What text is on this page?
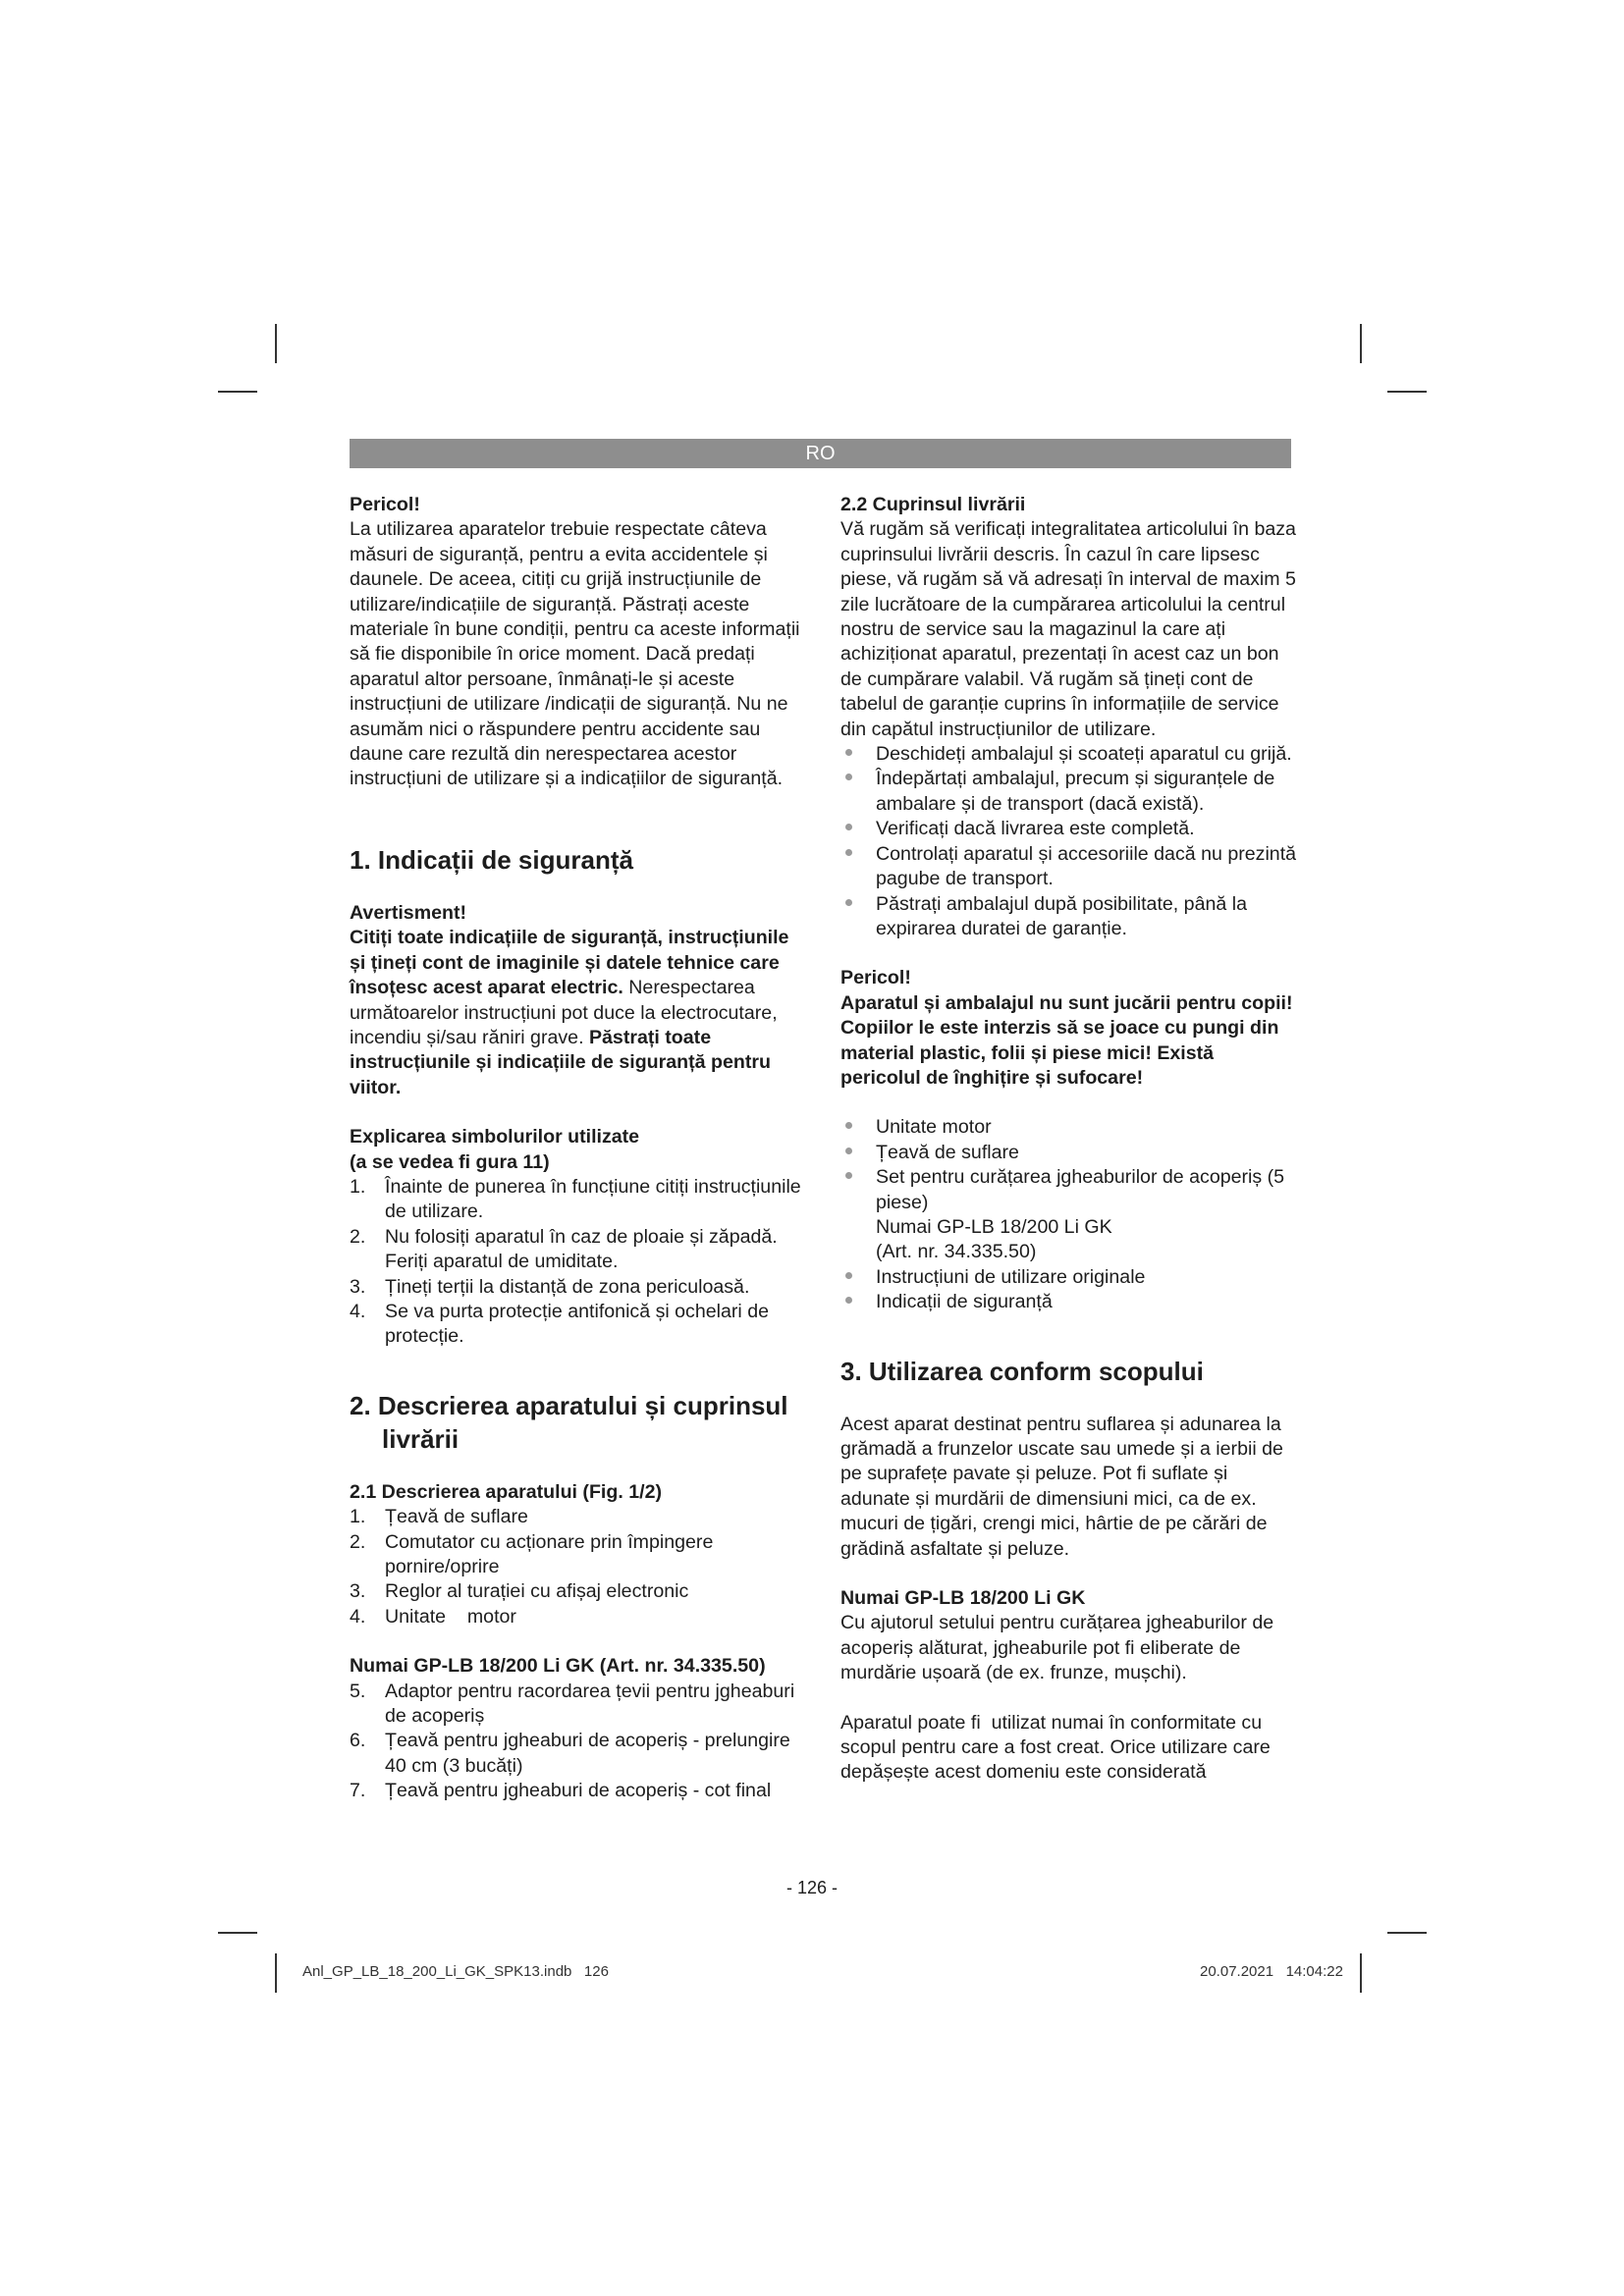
RO

Pericol!

La utilizarea aparatelor trebuie respectate câteva măsuri de siguranță, pentru a evita accidentele și daunele. De aceea, citiți cu grijă instrucțiunile de utilizare/indicațiile de siguranță. Păstrați aceste materiale în bune condiții, pentru ca aceste informații să fie disponibile în orice moment. Dacă predați aparatul altor persoane, înmânați-le și aceste instrucțiuni de utilizare /indicații de siguranță. Nu ne asumăm nici o răspundere pentru accidente sau daune care rezultă din nerespectarea acestor instrucțiuni de utilizare și a indicațiilor de siguranță.

1. Indicații de siguranță

Avertisment!

Citiți toate indicațiile de siguranță, instrucțiunile și țineți cont de imaginile și datele tehnice care însoțesc acest aparat electric. Nerespectarea următoarelor instrucțiuni pot duce la electrocutare, incendiu și/sau răniri grave. Păstrați toate instrucțiunile și indicațiile de siguranță pentru viitor.

Explicarea simbolurilor utilizate

(a se vedea fi gura 11)

1. Înainte de punerea în funcțiune citiți instrucțiunile de utilizare.
2. Nu folosiți aparatul în caz de ploaie și zăpadă. Feriți aparatul de umiditate.
3. Țineți terții la distanță de zona periculoasă.
4. Se va purta protecție antifonică și ochelari de protecție.
2. Descrierea aparatului și cuprinsul livrării

2.1 Descrierea aparatului (Fig. 1/2)

1. Țeavă de suflare
2. Comutator cu acționare prin împingere pornire/oprire
3. Reglor al turației cu afișaj electronic
4. Unitate    motor

Numai GP-LB 18/200 Li GK (Art. nr. 34.335.50)

5. Adaptor pentru racordarea țevii pentru jgheaburi de acoperiș
6. Țeavă pentru jgheaburi de acoperiș - prelungire 40 cm (3 bucăți)
7. Țeavă pentru jgheaburi de acoperiș - cot final

2.2 Cuprinsul livrării

Vă rugăm să verificați integralitatea articolului în baza cuprinsului livrării descris. În cazul în care lipsesc piese, vă rugăm să vă adresați în interval de maxim 5 zile lucrătoare de la cumpărarea articolului la centrul nostru de service sau la magazinul la care ați achiziționat aparatul, prezentați în acest caz un bon de cumpărare valabil. Vă rugăm să țineți cont de tabelul de garanție cuprins în informațiile de service din capătul instrucțiunilor de utilizare.

Deschideți ambalajul și scoateți aparatul cu grijă.
Îndepărtați ambalajul, precum și siguranțele de ambalare și de transport (dacă există).
Verificați dacă livrarea este completă.
Controlați aparatul și accesoriile dacă nu prezintă pagube de transport.
Păstrați ambalajul după posibilitate, până la expirarea duratei de garanție.

Pericol!

Aparatul și ambalajul nu sunt jucării pentru copii! Copiilor le este interzis să se joace cu pungi din material plastic, folii și piese mici! Există pericolul de înghițire și sufocare!

Unitate motor
Țeavă de suflare
Set pentru curățarea jgheaburilor de acoperiș (5 piese)
Numai GP-LB 18/200 Li GK
(Art. nr. 34.335.50)
Instrucțiuni de utilizare originale
Indicații de siguranță
3. Utilizarea conform scopului

Acest aparat destinat pentru suflarea și adunarea la grămadă a frunzelor uscate sau umede și a ierbii de pe suprafețe pavate și peluze. Pot fi suflate și adunate și murdării de dimensiuni mici, ca de ex. mucuri de țigări, crengi mici, hârtie de pe cărări de grădină asfaltate și peluze.

Numai GP-LB 18/200 Li GK

Cu ajutorul setului pentru curățarea jgheaburilor de acoperiș alăturat, jgheaburile pot fi eliberate de murdărie ușoară (de ex. frunze, mușchi).

Aparatul poate fi  utilizat numai în conformitate cu scopul pentru care a fost creat. Orice utilizare care depășește acest domeniu este considerată

- 126 -
Anl_GP_LB_18_200_Li_GK_SPK13.indb   126	20.07.2021   14:04:22
